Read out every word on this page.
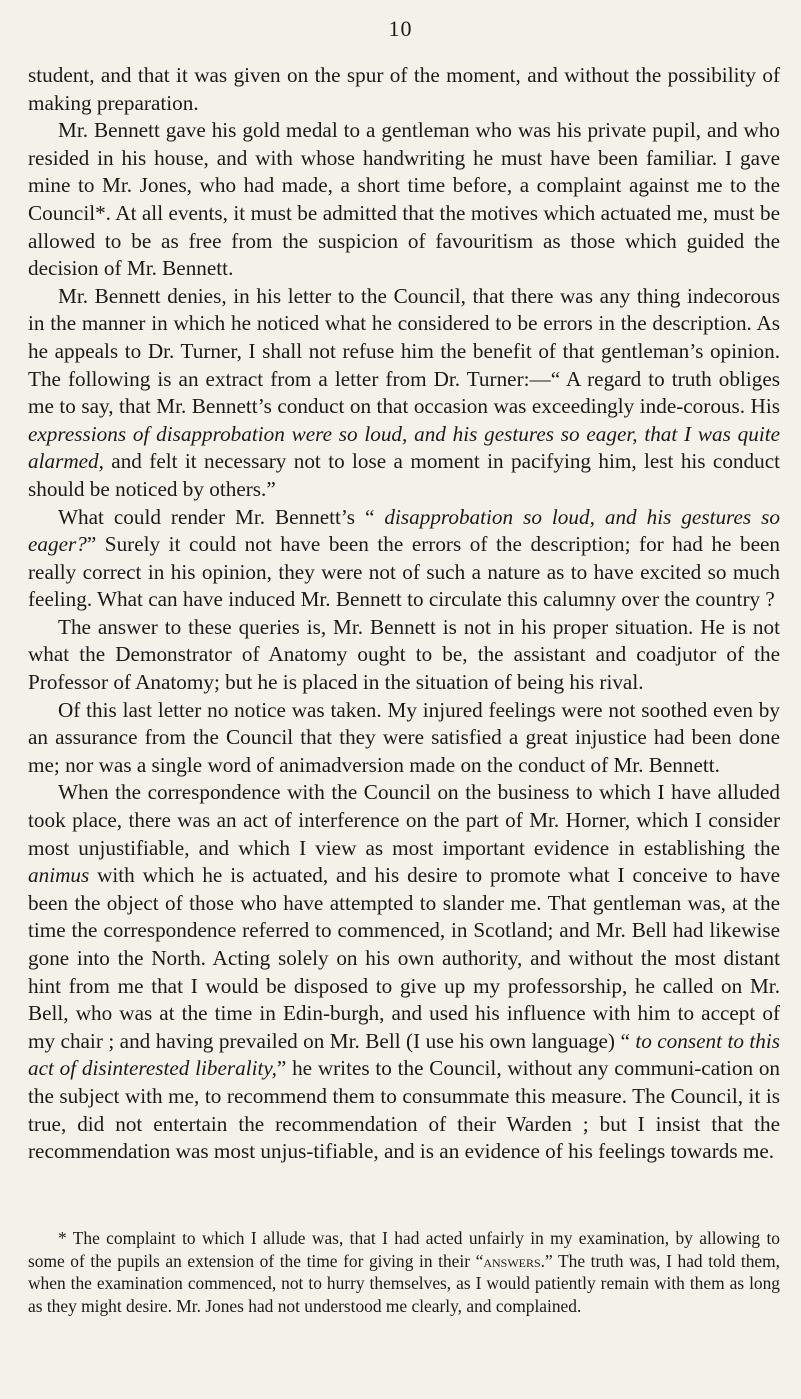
10

student, and that it was given on the spur of the moment, and without the possibility of making preparation.

Mr. Bennett gave his gold medal to a gentleman who was his private pupil, and who resided in his house, and with whose handwriting he must have been familiar. I gave mine to Mr. Jones, who had made, a short time before, a complaint against me to the Council*. At all events, it must be admitted that the motives which actuated me, must be allowed to be as free from the suspicion of favouritism as those which guided the decision of Mr. Bennett.

Mr. Bennett denies, in his letter to the Council, that there was any thing indecorous in the manner in which he noticed what he considered to be errors in the description. As he appeals to Dr. Turner, I shall not refuse him the benefit of that gentleman’s opinion. The following is an extract from a letter from Dr. Turner:—“ A regard to truth obliges me to say, that Mr. Bennett’s conduct on that occasion was exceedingly inde-corous. His expressions of disapprobation were so loud, and his gestures so eager, that I was quite alarmed, and felt it necessary not to lose a moment in pacifying him, lest his conduct should be noticed by others.”

What could render Mr. Bennett’s “ disapprobation so loud, and his gestures so eager?” Surely it could not have been the errors of the description; for had he been really correct in his opinion, they were not of such a nature as to have excited so much feeling. What can have induced Mr. Bennett to circulate this calumny over the country ?

The answer to these queries is, Mr. Bennett is not in his proper situation. He is not what the Demonstrator of Anatomy ought to be, the assistant and coadjutor of the Professor of Anatomy; but he is placed in the situation of being his rival.

Of this last letter no notice was taken. My injured feelings were not soothed even by an assurance from the Council that they were satisfied a great injustice had been done me; nor was a single word of animadversion made on the conduct of Mr. Bennett.

When the correspondence with the Council on the business to which I have alluded took place, there was an act of interference on the part of Mr. Horner, which I consider most unjustifiable, and which I view as most important evidence in establishing the animus with which he is actuated, and his desire to promote what I conceive to have been the object of those who have attempted to slander me. That gentleman was, at the time the correspondence referred to commenced, in Scotland; and Mr. Bell had likewise gone into the North. Acting solely on his own authority, and without the most distant hint from me that I would be disposed to give up my professorship, he called on Mr. Bell, who was at the time in Edin-burgh, and used his influence with him to accept of my chair ; and having prevailed on Mr. Bell (I use his own language) “ to consent to this act of disinterested liberality,” he writes to the Council, without any communi-cation on the subject with me, to recommend them to consummate this measure. The Council, it is true, did not entertain the recommendation of their Warden ; but I insist that the recommendation was most unjus-tifiable, and is an evidence of his feelings towards me.

* The complaint to which I allude was, that I had acted unfairly in my examination, by allowing to some of the pupils an extension of the time for giving in their “answers.” The truth was, I had told them, when the examination commenced, not to hurry themselves, as I would patiently remain with them as long as they might desire. Mr. Jones had not understood me clearly, and complained.
